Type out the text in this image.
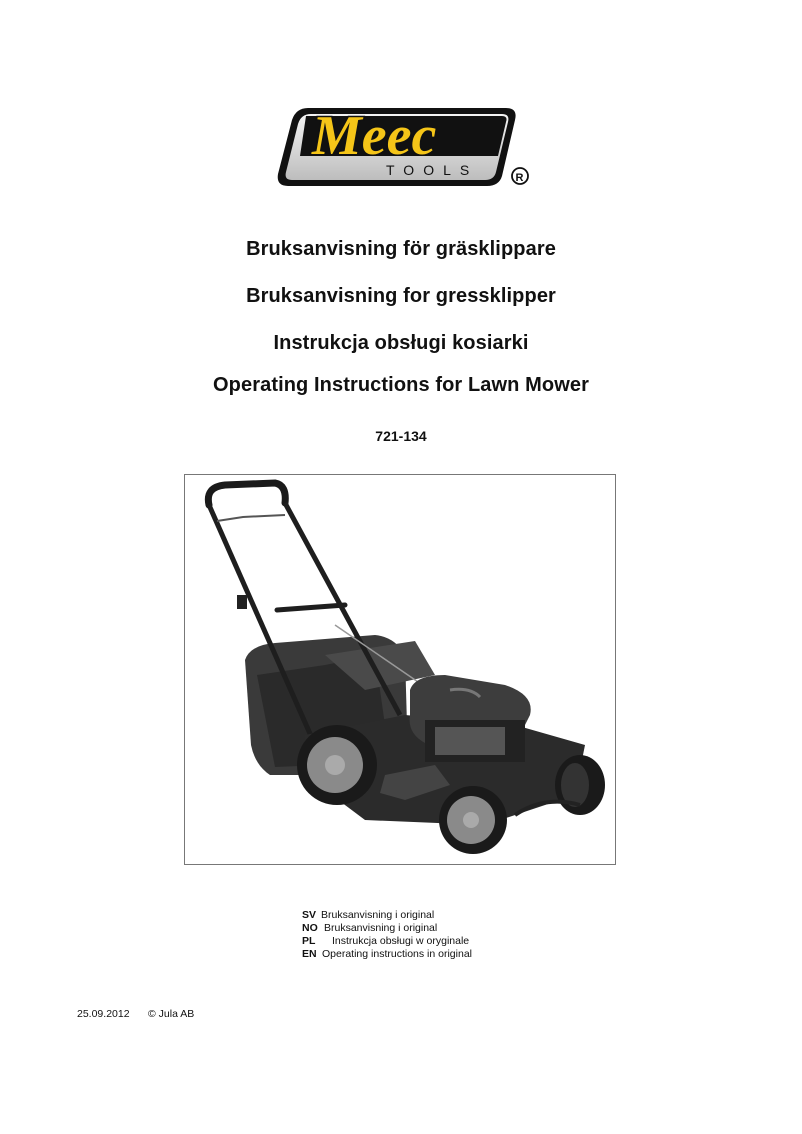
Meec
TOOLS	R
Bruksanvisning för gräsklippare
Bruksanvisning for gressklipper
Instrukcja obsługi kosiarki
Operating Instructions for Lawn Mower
721-134
SV Bruksanvisning i original
NO Bruksanvisning i original
PL Instrukcja obsługi w oryginale
EN Operating instructions in original
25.09.2012 © Jula AB
